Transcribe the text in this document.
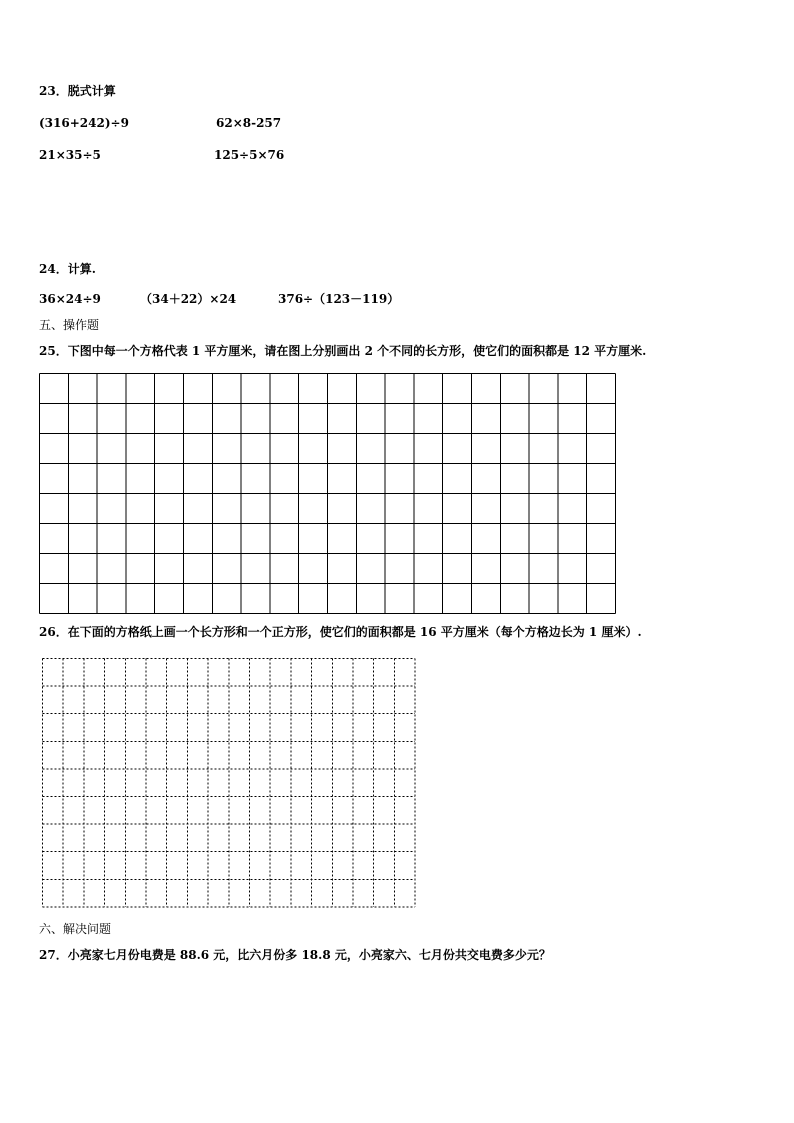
23．脱式计算
(316+242)÷9	62×8-257
21×35÷5	125÷5×76
24．计算.
36×24÷9	（34＋22）×24	376÷（123－119）
五、操作题
25．下图中每一个方格代表 1 平方厘米，请在图上分别画出 2 个不同的长方形，使它们的面积都是 12 平方厘米.
26．在下面的方格纸上画一个长方形和一个正方形，使它们的面积都是 16 平方厘米（每个方格边长为 1 厘米）.
六、解决问题
27．小亮家七月份电费是 88.6 元，比六月份多 18.8 元，小亮家六、七月份共交电费多少元？
